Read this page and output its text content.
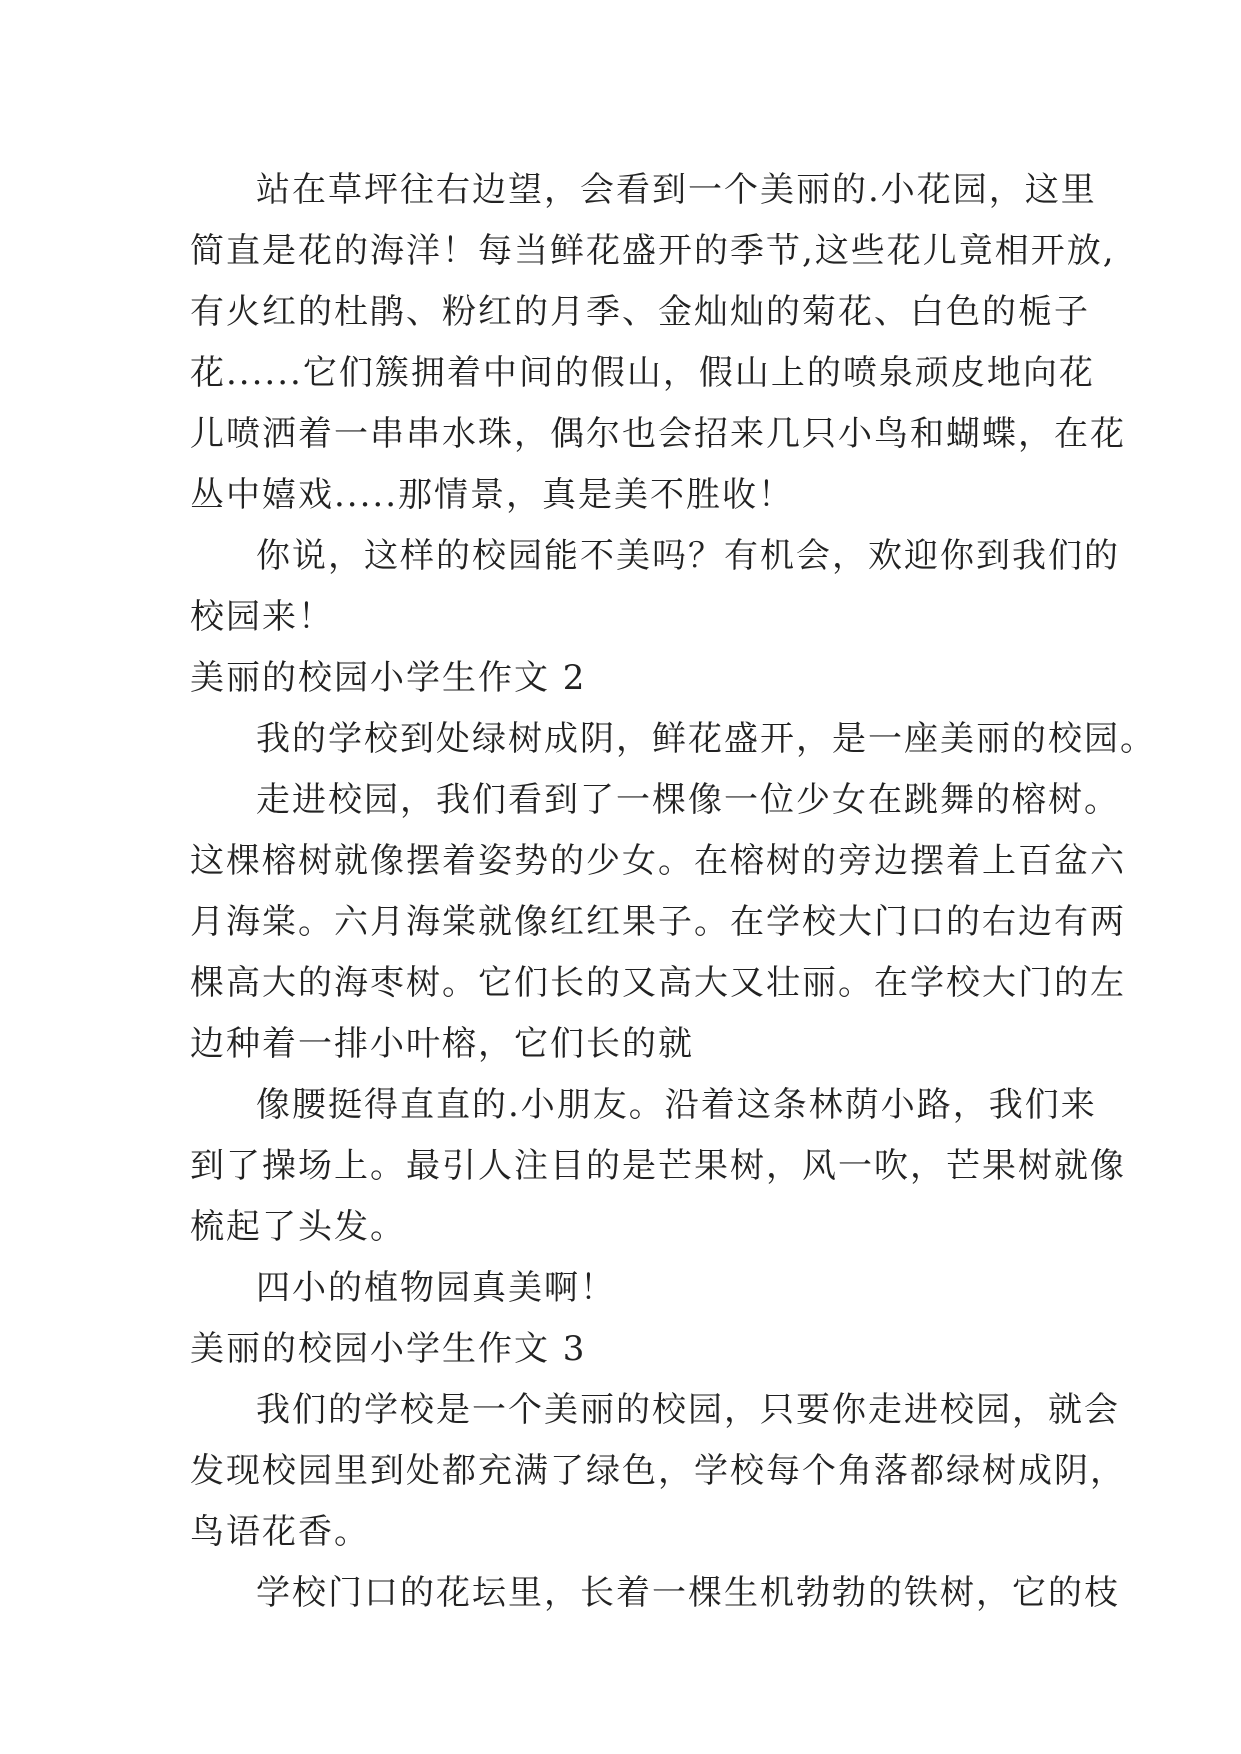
站在草坪往右边望，会看到一个美丽的.小花园，这里
简直是花的海洋！每当鲜花盛开的季节,这些花儿竟相开放,
有火红的杜鹃、粉红的月季、金灿灿的菊花、白色的栀子
花......它们簇拥着中间的假山，假山上的喷泉顽皮地向花
儿喷洒着一串串水珠，偶尔也会招来几只小鸟和蝴蝶，在花
丛中嬉戏.....那情景，真是美不胜收！
你说，这样的校园能不美吗？有机会，欢迎你到我们的
校园来！
美丽的校园小学生作文 2
我的学校到处绿树成阴，鲜花盛开，是一座美丽的校园。
走进校园，我们看到了一棵像一位少女在跳舞的榕树。
这棵榕树就像摆着姿势的少女。在榕树的旁边摆着上百盆六
月海棠。六月海棠就像红红果子。在学校大门口的右边有两
棵高大的海枣树。它们长的又高大又壮丽。在学校大门的左
边种着一排小叶榕，它们长的就
像腰挺得直直的.小朋友。沿着这条林荫小路，我们来
到了操场上。最引人注目的是芒果树，风一吹，芒果树就像
梳起了头发。
四小的植物园真美啊！
美丽的校园小学生作文 3
我们的学校是一个美丽的校园，只要你走进校园，就会
发现校园里到处都充满了绿色，学校每个角落都绿树成阴，
鸟语花香。
学校门口的花坛里，长着一棵生机勃勃的铁树，它的枝
